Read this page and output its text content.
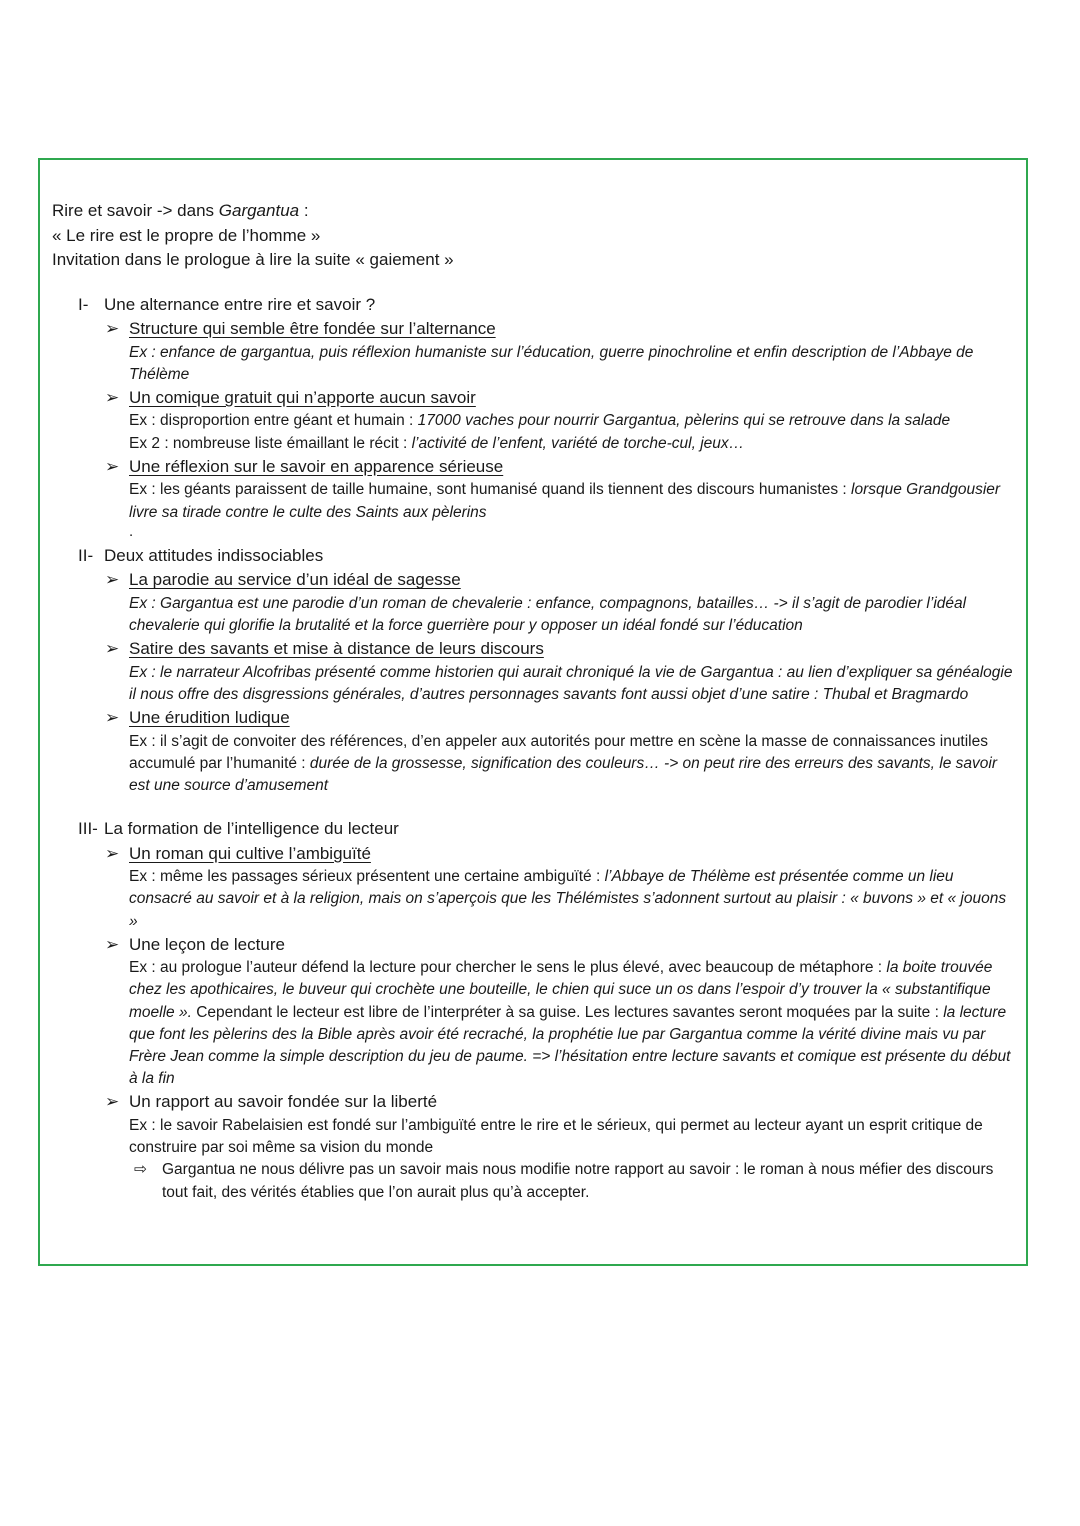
Rire et savoir -> dans Gargantua :
« Le rire est le propre de l’homme »
Invitation dans le prologue à lire la suite « gaiement »
I- Une alternance entre rire et savoir ?
➢ Structure qui semble être fondée sur l’alternance
Ex : enfance de gargantua, puis réflexion humaniste sur l’éducation, guerre pinochroline et enfin description de l’Abbaye de Thélème
➢ Un comique gratuit qui n’apporte aucun savoir
Ex : disproportion entre géant et humain : 17000 vaches pour nourrir Gargantua, pèlerins qui se retrouve dans la salade
Ex 2 : nombreuse liste émaillant le récit : l’activité de l’enfent, variété de torche-cul, jeux…
➢ Une réflexion sur le savoir en apparence sérieuse
Ex : les géants paraissent de taille humaine, sont humanisé quand ils tiennent des discours humanistes : lorsque Grandgousier livre sa tirade contre le culte des Saints aux pèlerins
.
II- Deux attitudes indissociables
➢ La parodie au service d’un idéal de sagesse
Ex : Gargantua est une parodie d’un roman de chevalerie : enfance, compagnons, batailles… -> il s’agit de parodier l’idéal chevalerie qui glorifie la brutalité et la force guerrière pour y opposer un idéal fondé sur l’éducation
➢ Satire des savants et mise à distance de leurs discours
Ex : le narrateur Alcofribas présenté comme historien qui aurait chroniqué la vie de Gargantua : au lien d’expliquer sa généalogie il nous offre des disgressions générales, d’autres personnages savants font aussi objet d’une satire : Thubal et Bragmardo
➢ Une érudition ludique
Ex : il s’agit de convoiter des références, d’en appeler aux autorités pour mettre en scène la masse de connaissances inutiles accumulé par l’humanité : durée de la grossesse, signification des couleurs… -> on peut rire des erreurs des savants, le savoir est une source d’amusement
III- La formation de l’intelligence du lecteur
➢ Un roman qui cultive l’ambiguïté
Ex : même les passages sérieux présentent une certaine ambiguïté : l’Abbaye de Thélème est présentée comme un lieu consacré au savoir et à la religion, mais on s’aperçois que les Thélémistes s’adonnent surtout au plaisir : « buvons » et « jouons »
➢ Une leçon de lecture
Ex : au prologue l’auteur défend la lecture pour chercher le sens le plus élevé, avec beaucoup de métaphore : la boite trouvée chez les apothicaires, le buveur qui crochète une bouteille, le chien qui suce un os dans l’espoir d’y trouver la « substantifique moelle ». Cependant le lecteur est libre de l’interpréter à sa guise. Les lectures savantes seront moquées par la suite : la lecture que font les pèlerins des la Bible après avoir été recraché, la prophétie lue par Gargantua comme la vérité divine mais vu par Frère Jean comme la simple description du jeu de paume. => l’hésitation entre lecture savants et comique est présente du début à la fin
➢ Un rapport au savoir fondée sur la liberté
Ex : le savoir Rabelaisien est fondé sur l’ambiguïté entre le rire et le sérieux, qui permet au lecteur ayant un esprit critique de construire par soi même sa vision du monde
⇨ Gargantua ne nous délivre pas un savoir mais nous modifie notre rapport au savoir : le roman à nous méfier des discours tout fait, des vérités établies que l’on aurait plus qu’à accepter.
